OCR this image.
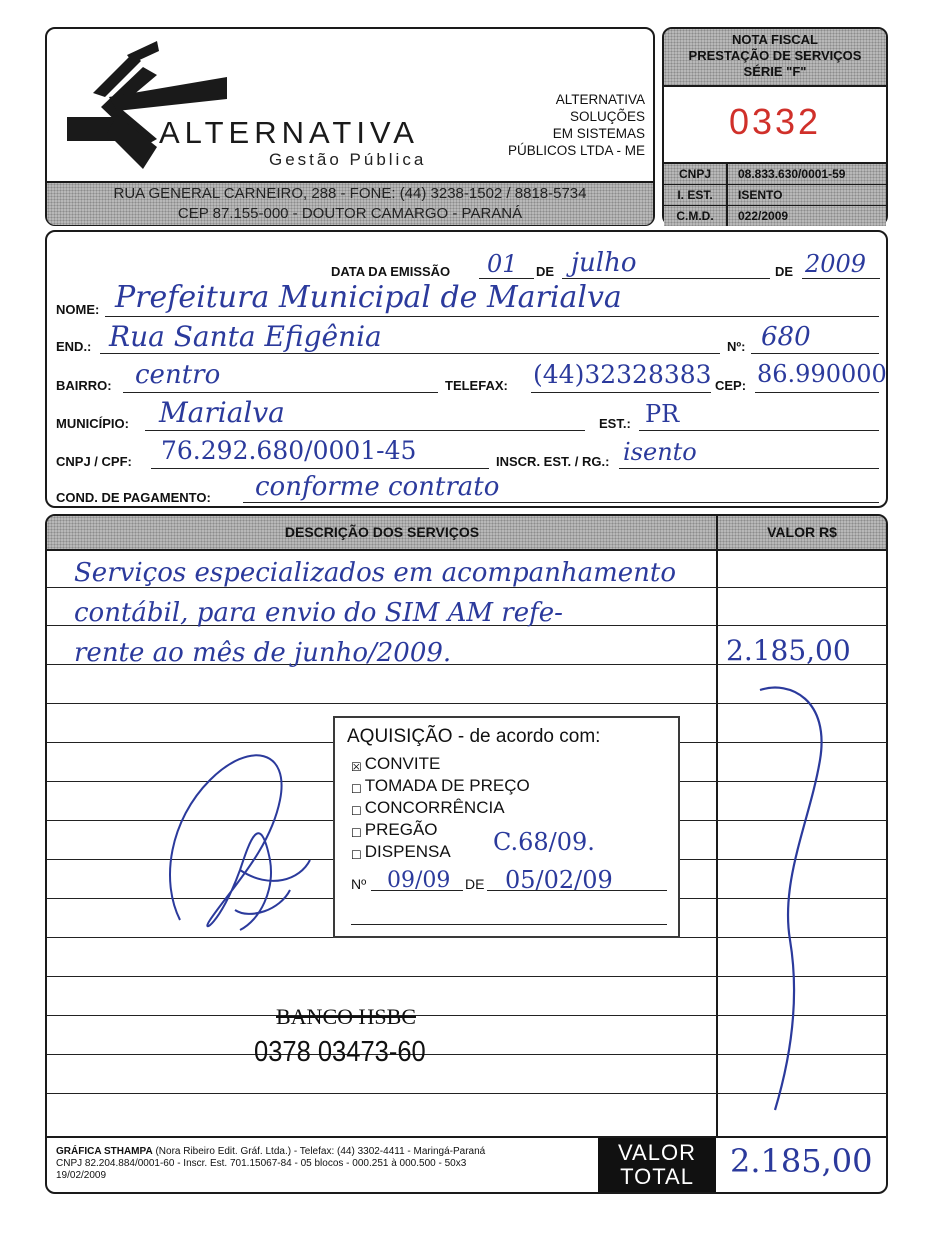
ALTERNATIVA
Gestão Pública
ALTERNATIVA
SOLUÇÕES
EM SISTEMAS
PÚBLICOS LTDA - ME
RUA GENERAL CARNEIRO, 288 - FONE: (44) 3238-1502 / 8818-5734
CEP 87.155-000 - DOUTOR CAMARGO - PARANÁ
NOTA FISCAL
PRESTAÇÃO DE SERVIÇOS
SÉRIE "F"
0332
CNPJ	08.833.630/0001-59
I. EST.	ISENTO
C.M.D.	022/2009
DATA DA EMISSÃO 01 DE julho	DE 2009
NOME: Prefeitura Municipal de Marialva
END.: Rua Santa Efigênia	Nº: 680
BAIRRO: centro	TELEFAX: (44)32328383 CEP: 86.990000
MUNICÍPIO: Marialva	EST.: PR
CNPJ / CPF: 76.292.680/0001-45	INSCR. EST. / RG.: isento
COND. DE PAGAMENTO: conforme contrato
DESCRIÇÃO DOS SERVIÇOS	VALOR R$
Serviços especializados em acompanhamento
contábil, para envio do SIM AM refe-
rente ao mês de junho/2009.	2.185,00
AQUISIÇÃO - de acordo com:
☒ CONVITE
☐ TOMADA DE PREÇO
☐ CONCORRÊNCIA
☐ PREGÃO
☐ DISPENSA C.68/09.
Nº 09/09 DE 05/02/09
BANCO HSBC
0378 03473-60
GRÁFICA STHAMPA (Nora Ribeiro Edit. Gráf. Ltda.) - Telefax: (44) 3302-4411 - Maringá-Paraná
CNPJ 82.204.884/0001-60 - Inscr. Est. 701.15067-84 - 05 blocos - 000.251 à 000.500 - 50x3
19/02/2009
VALOR
TOTAL	2.185,00
